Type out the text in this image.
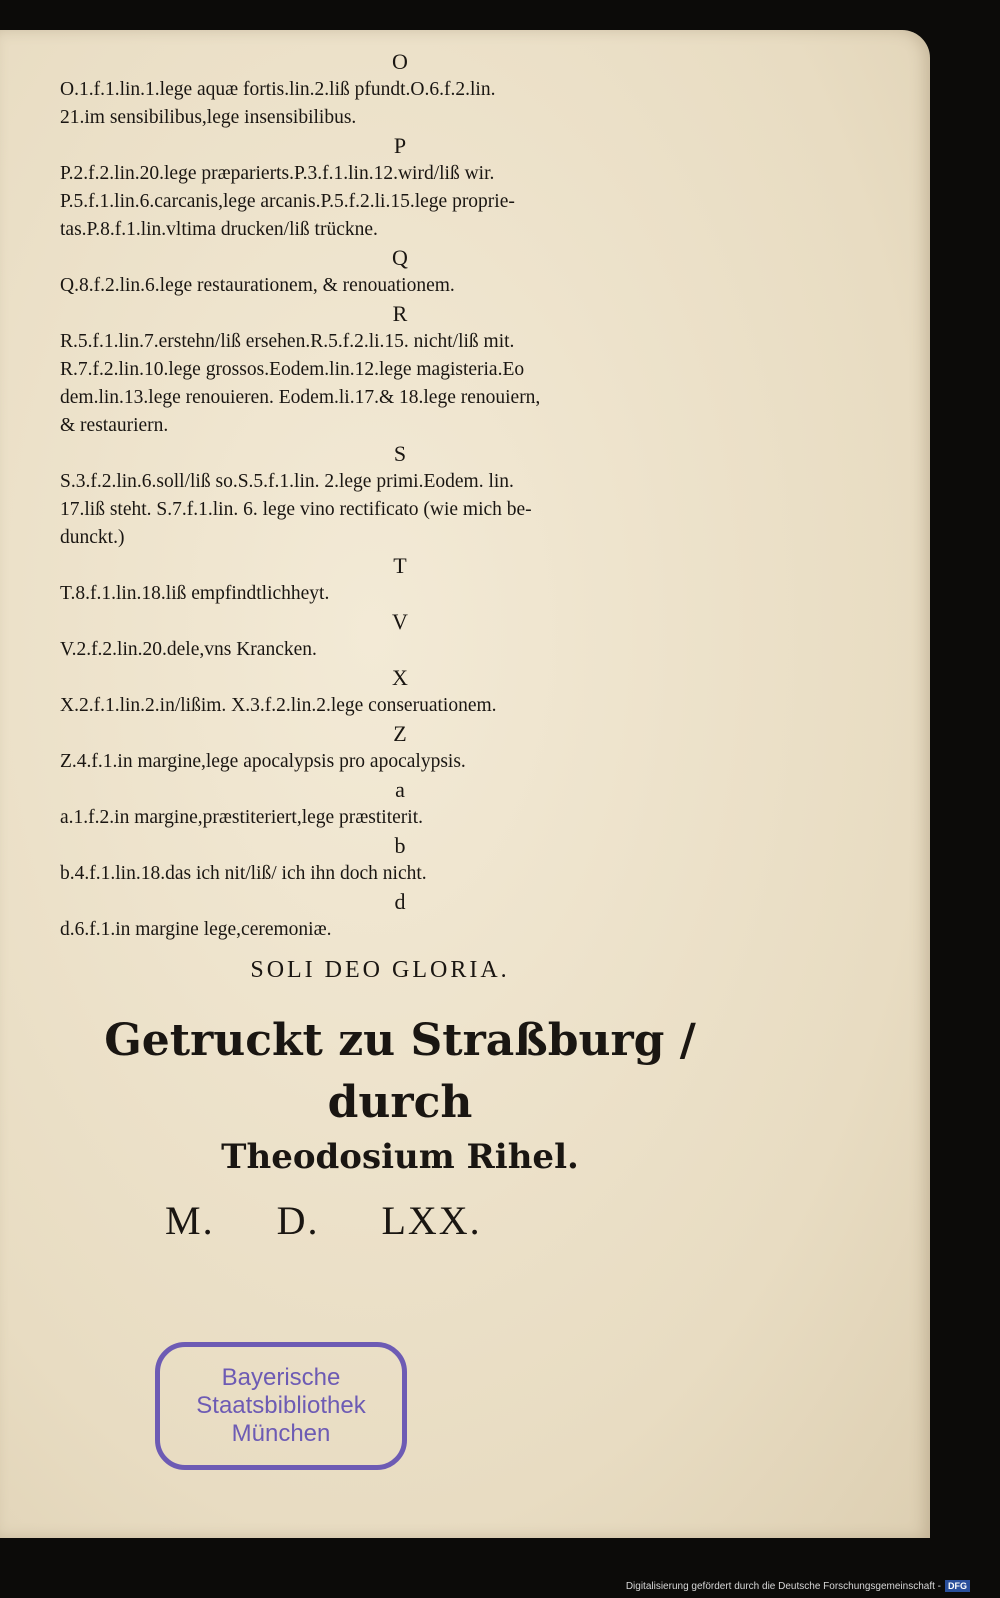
O

O.1.f.1.lin.1.lege aquæ fortis.lin.2.liß pfundt.O.6.f.2.lin.

21.im sensibilibus,lege insensibilibus.

P

P.2.f.2.lin.20.lege præparierts.P.3.f.1.lin.12.wird/liß wir.

P.5.f.1.lin.6.carcanis,lege arcanis.P.5.f.2.li.15.lege proprie-

tas.P.8.f.1.lin.vltima drucken/liß trücknе.

Q

Q.8.f.2.lin.6.lege restaurationem, & renouationem.

R

R.5.f.1.lin.7.erstehn/liß ersehen.R.5.f.2.li.15. nicht/liß mit.

R.7.f.2.lin.10.lege grossos.Eodem.lin.12.lege magisteria.Eo

dem.lin.13.lege renouieren. Eodem.li.17.& 18.lege renouiern,

& restauriern.

S

S.3.f.2.lin.6.soll/liß so.S.5.f.1.lin. 2.lege primi.Eodem. lin.

17.liß steht. S.7.f.1.lin. 6. lege vino rectificato (wie mich be-

dunckt.)

T

T.8.f.1.lin.18.liß empfindtlichheyt.

V

V.2.f.2.lin.20.dele,vns Krancken.

X

X.2.f.1.lin.2.in/lißim. X.3.f.2.lin.2.lege conseruationem.

Z

Z.4.f.1.in margine,lege apocalypsis pro apocalypsis.

a

a.1.f.2.in margine,præstitеriert,lege præstiterit.

b

b.4.f.1.lin.18.das ich nit/liß/ ich ihn doch nicht.

d

d.6.f.1.in margine lege,ceremoniæ.

SOLI DEO GLORIA.
Getruckt zu Straßburg / durch
Theodosium Rihel.
M. D. LXX.
Bayerische
Staatsbibliothek
München
Digitalisierung gefördert durch die Deutsche Forschungsgemeinschaft - DFG
